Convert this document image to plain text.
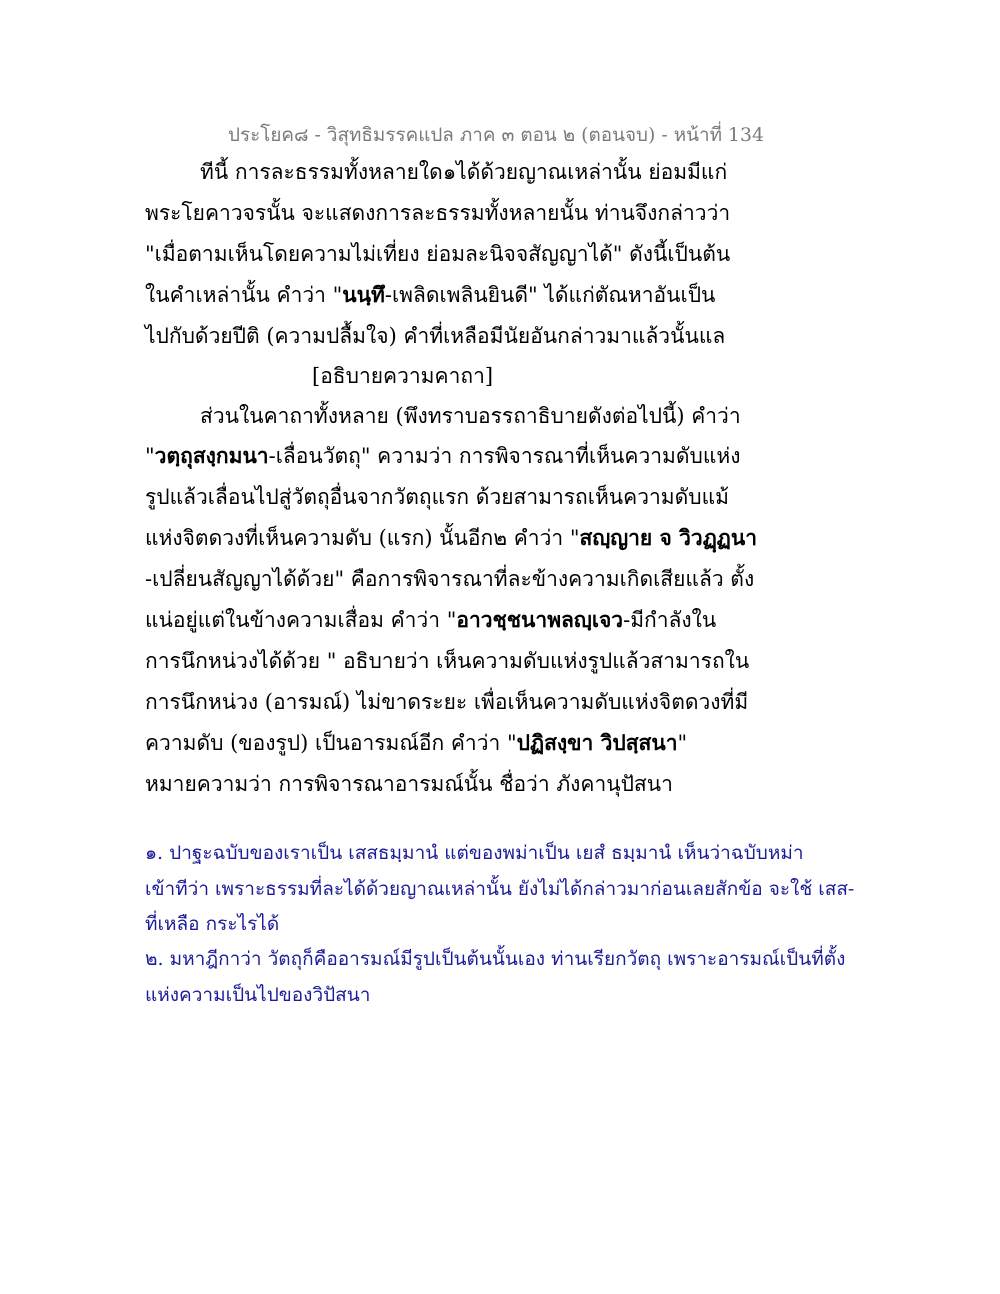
ประโยค๘ - วิสุทธิมรรคแปล ภาค ๓ ตอน ๒ (ตอนจบ) - หน้าที่ 134
ทีนี้ การละธรรมทั้งหลายใด๑ได้ด้วยญาณเหล่านั้น ย่อมมีแก่
พระโยคาวจรนั้น จะแสดงการละธรรมทั้งหลายนั้น ท่านจึงกล่าวว่า
"เมื่อตามเห็นโดยความไม่เที่ยง ย่อมละนิจจสัญญาได้" ดังนี้เป็นต้น
ในคำเหล่านั้น คำว่า "นนฺทึ-เพลิดเพลินยินดี" ได้แก่ตัณหาอันเป็น
ไปกับด้วยปีติ (ความปลื้มใจ) คำที่เหลือมีนัยอันกล่าวมาแล้วนั้นแล
[อธิบายความคาถา]
ส่วนในคาถาทั้งหลาย (พึงทราบอรรถาธิบายดังต่อไปนี้) คำว่า
"วตฺถุสงฺกมนา-เลื่อนวัตถุ" ความว่า การพิจารณาที่เห็นความดับแห่ง
รูปแล้วเลื่อนไปสู่วัตถุอื่นจากวัตถุแรก ด้วยสามารถเห็นความดับแม้
แห่งจิตดวงที่เห็นความดับ (แรก) นั้นอีก๒ คำว่า "สญฺญาย จ วิวฏฺฏนา
-เปลี่ยนสัญญาได้ด้วย" คือการพิจารณาที่ละข้างความเกิดเสียแล้ว ตั้ง
แน่อยู่แต่ในข้างความเสื่อม คำว่า "อาวชฺชนาพลญฺเจว-มีกำลังใน
การนึกหน่วงได้ด้วย " อธิบายว่า เห็นความดับแห่งรูปแล้วสามารถใน
การนึกหน่วง (อารมณ์) ไม่ขาดระยะ เพื่อเห็นความดับแห่งจิตดวงที่มี
ความดับ (ของรูป) เป็นอารมณ์อีก คำว่า "ปฏิสงฺขา วิปสฺสนา"
หมายความว่า การพิจารณาอารมณ์นั้น ชื่อว่า ภังคานุปัสนา
๑. ปาฐะฉบับของเราเป็น เสสธมฺมานํ แต่ของพม่าเป็น เยสํ ธมฺมานํ เห็นว่าฉบับหม่า
เข้าทีว่า เพราะธรรมที่ละได้ด้วยญาณเหล่านั้น ยังไม่ได้กล่าวมาก่อนเลยสักข้อ จะใช้ เสส-
ที่เหลือ กระไรได้
๒. มหาฎีกาว่า วัตถุก็คืออารมณ์มีรูปเป็นต้นนั้นเอง ท่านเรียกวัตถุ เพราะอารมณ์เป็นที่ตั้ง
แห่งความเป็นไปของวิปัสนา
